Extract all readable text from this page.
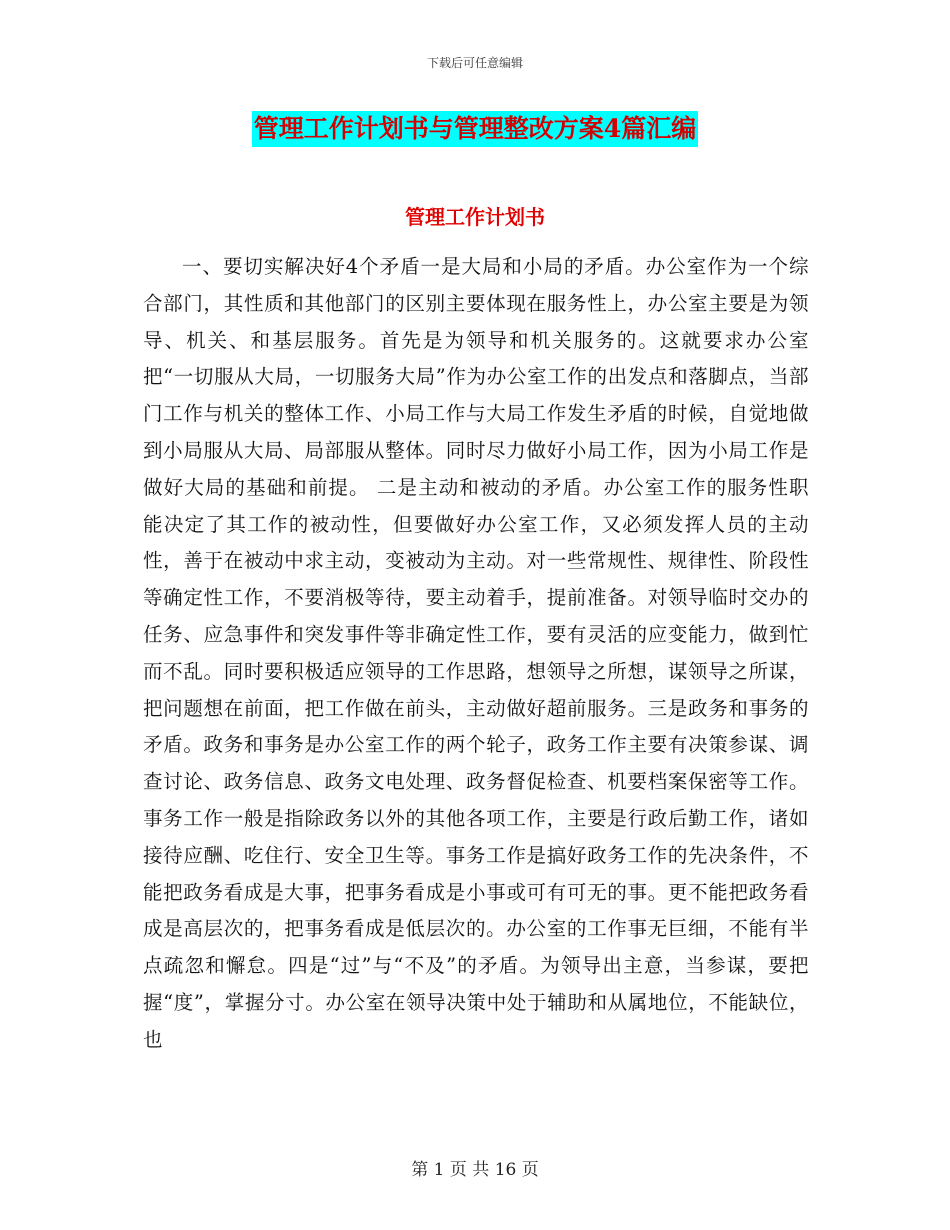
下载后可任意编辑
管理工作计划书与管理整改方案4篇汇编
管理工作计划书

一、要切实解决好4个矛盾一是大局和小局的矛盾。办公室作为一个综合部门，其性质和其他部门的区别主要体现在服务性上，办公室主要是为领导、机关、和基层服务。首先是为领导和机关服务的。这就要求办公室把“一切服从大局，一切服务大局”作为办公室工作的出发点和落脚点，当部门工作与机关的整体工作、小局工作与大局工作发生矛盾的时候，自觉地做到小局服从大局、局部服从整体。同时尽力做好小局工作，因为小局工作是做好大局的基础和前提。 二是主动和被动的矛盾。办公室工作的服务性职能决定了其工作的被动性，但要做好办公室工作，又必须发挥人员的主动性，善于在被动中求主动，变被动为主动。对一些常规性、规律性、阶段性等确定性工作，不要消极等待，要主动着手，提前准备。对领导临时交办的任务、应急事件和突发事件等非确定性工作，要有灵活的应变能力，做到忙而不乱。同时要积极适应领导的工作思路，想领导之所想，谋领导之所谋，把问题想在前面，把工作做在前头，主动做好超前服务。三是政务和事务的矛盾。政务和事务是办公室工作的两个轮子，政务工作主要有决策参谋、调查讨论、政务信息、政务文电处理、政务督促检查、机要档案保密等工作。事务工作一般是指除政务以外的其他各项工作，主要是行政后勤工作，诸如接待应酬、吃住行、安全卫生等。事务工作是搞好政务工作的先决条件，不能把政务看成是大事，把事务看成是小事或可有可无的事。更不能把政务看成是高层次的，把事务看成是低层次的。办公室的工作事无巨细，不能有半点疏忽和懈怠。四是“过”与“不及”的矛盾。为领导出主意，当参谋，要把握“度”，掌握分寸。办公室在领导决策中处于辅助和从属地位，不能缺位，也

第 1 页 共 16 页
